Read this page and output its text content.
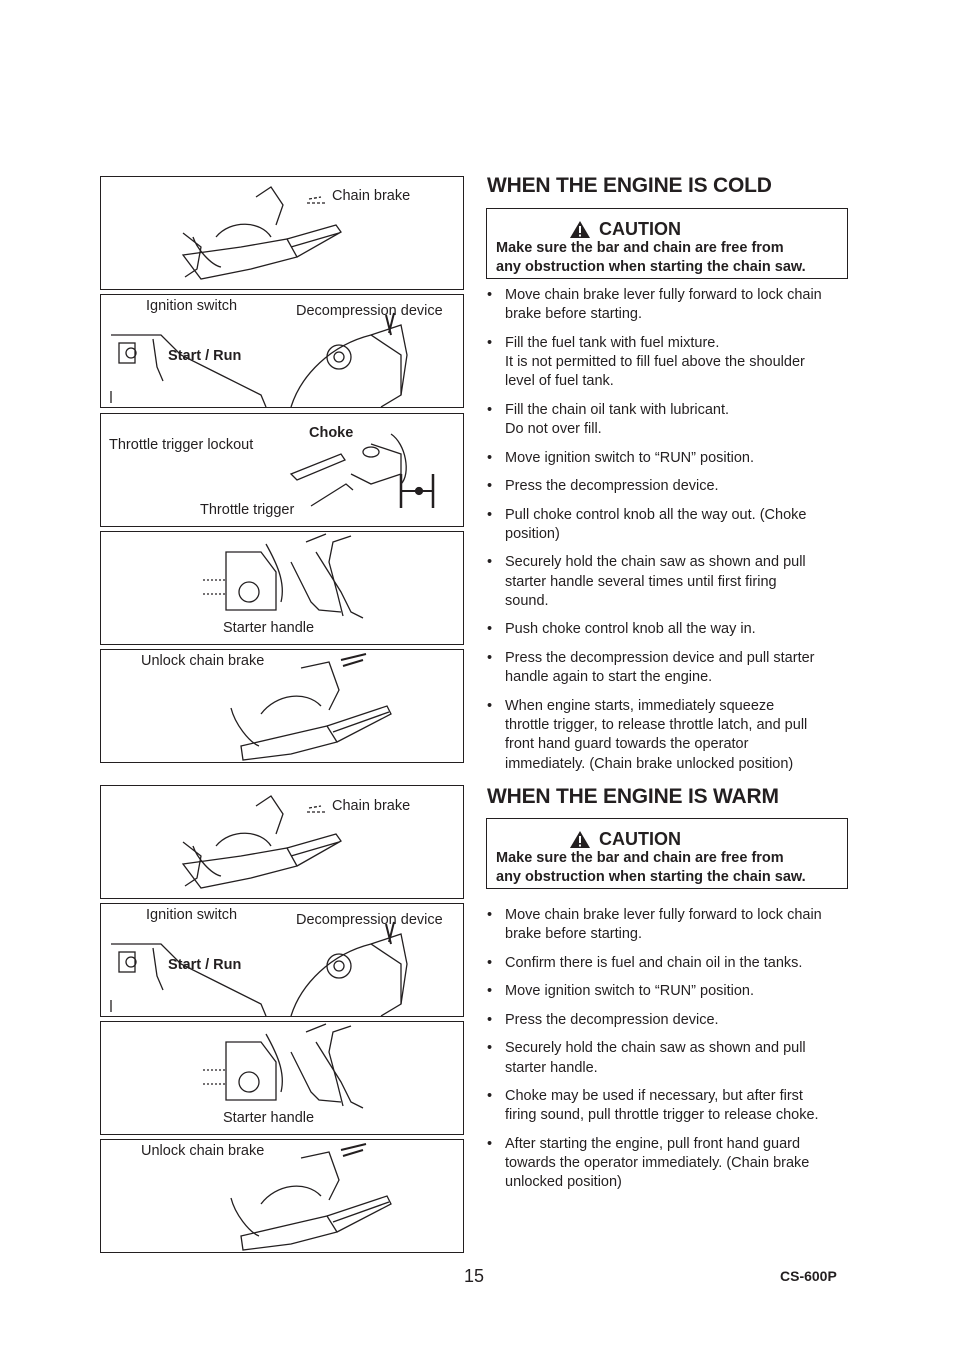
Chain brake
Ignition switch	Decompression device
Start / Run
Throttle trigger lockout
Choke
Throttle trigger
Starter handle
Unlock chain brake
Chain brake
Ignition switch	Decompression device
Start / Run
Starter handle
Unlock chain brake
WHEN THE ENGINE IS COLD
CAUTION
Make sure the bar and chain are free from
any obstruction when starting the chain saw.
• Move chain brake lever fully forward to lock chain
brake before starting.
• Fill the fuel tank with fuel mixture.
It is not permitted to fill fuel above the shoulder
level of fuel tank.
• Fill the chain oil tank with lubricant.
Do not over fill.
• Move ignition switch to “RUN” position.
• Press the decompression device.
• Pull choke control knob all the way out. (Choke
position)
• Securely hold the chain saw as shown and pull
starter handle several times until first firing
sound.
• Push choke control knob all the way in.
• Press the decompression device and pull starter
handle again to start the engine.
• When engine starts, immediately squeeze
throttle trigger, to release throttle latch, and pull
front hand guard towards the operator
immediately. (Chain brake unlocked position)
WHEN THE ENGINE IS WARM
CAUTION
Make sure the bar and chain are free from
any obstruction when starting the chain saw.
• Move chain brake lever fully forward to lock chain
brake before starting.
• Confirm there is fuel and chain oil in the tanks.
• Move ignition switch to “RUN” position.
• Press the decompression device.
• Securely hold the chain saw as shown and pull
starter handle.
• Choke may be used if necessary, but after first
firing sound, pull throttle trigger to release choke.
• After starting the engine, pull front hand guard
towards the operator immediately. (Chain brake
unlocked position)
15	CS-600P
